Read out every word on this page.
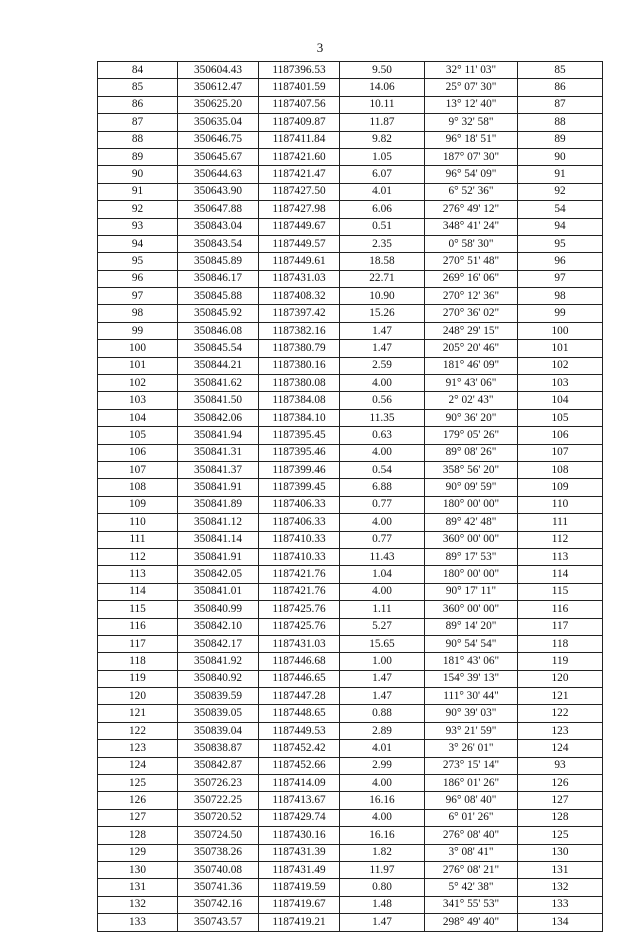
3
84	350604.43	1187396.53	9.50	32° 11' 03"	85
85	350612.47	1187401.59	14.06	25° 07' 30"	86
86	350625.20	1187407.56	10.11	13° 12' 40"	87
87	350635.04	1187409.87	11.87	9° 32' 58"	88
88	350646.75	1187411.84	9.82	96° 18' 51"	89
89	350645.67	1187421.60	1.05	187° 07' 30"	90
90	350644.63	1187421.47	6.07	96° 54' 09"	91
91	350643.90	1187427.50	4.01	6° 52' 36"	92
92	350647.88	1187427.98	6.06	276° 49' 12"	54
93	350843.04	1187449.67	0.51	348° 41' 24"	94
94	350843.54	1187449.57	2.35	0° 58' 30"	95
95	350845.89	1187449.61	18.58	270° 51' 48"	96
96	350846.17	1187431.03	22.71	269° 16' 06"	97
97	350845.88	1187408.32	10.90	270° 12' 36"	98
98	350845.92	1187397.42	15.26	270° 36' 02"	99
99	350846.08	1187382.16	1.47	248° 29' 15"	100
100	350845.54	1187380.79	1.47	205° 20' 46"	101
101	350844.21	1187380.16	2.59	181° 46' 09"	102
102	350841.62	1187380.08	4.00	91° 43' 06"	103
103	350841.50	1187384.08	0.56	2° 02' 43"	104
104	350842.06	1187384.10	11.35	90° 36' 20"	105
105	350841.94	1187395.45	0.63	179° 05' 26"	106
106	350841.31	1187395.46	4.00	89° 08' 26"	107
107	350841.37	1187399.46	0.54	358° 56' 20"	108
108	350841.91	1187399.45	6.88	90° 09' 59"	109
109	350841.89	1187406.33	0.77	180° 00' 00"	110
110	350841.12	1187406.33	4.00	89° 42' 48"	111
111	350841.14	1187410.33	0.77	360° 00' 00"	112
112	350841.91	1187410.33	11.43	89° 17' 53"	113
113	350842.05	1187421.76	1.04	180° 00' 00"	114
114	350841.01	1187421.76	4.00	90° 17' 11"	115
115	350840.99	1187425.76	1.11	360° 00' 00"	116
116	350842.10	1187425.76	5.27	89° 14' 20"	117
117	350842.17	1187431.03	15.65	90° 54' 54"	118
118	350841.92	1187446.68	1.00	181° 43' 06"	119
119	350840.92	1187446.65	1.47	154° 39' 13"	120
120	350839.59	1187447.28	1.47	111° 30' 44"	121
121	350839.05	1187448.65	0.88	90° 39' 03"	122
122	350839.04	1187449.53	2.89	93° 21' 59"	123
123	350838.87	1187452.42	4.01	3° 26' 01"	124
124	350842.87	1187452.66	2.99	273° 15' 14"	93
125	350726.23	1187414.09	4.00	186° 01' 26"	126
126	350722.25	1187413.67	16.16	96° 08' 40"	127
127	350720.52	1187429.74	4.00	6° 01' 26"	128
128	350724.50	1187430.16	16.16	276° 08' 40"	125
129	350738.26	1187431.39	1.82	3° 08' 41"	130
130	350740.08	1187431.49	11.97	276° 08' 21"	131
131	350741.36	1187419.59	0.80	5° 42' 38"	132
132	350742.16	1187419.67	1.48	341° 55' 53"	133
133	350743.57	1187419.21	1.47	298° 49' 40"	134
